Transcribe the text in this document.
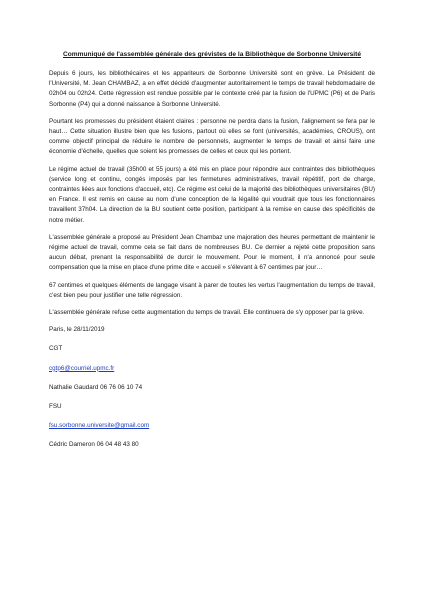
Communiqué de l'assemblée générale des grévistes de la Bibliothèque de Sorbonne Université

Depuis 6 jours, les bibliothécaires et les appariteurs de Sorbonne Université sont en grève. Le Président de l'Université, M. Jean CHAMBAZ, a en effet décidé d'augmenter autoritairement le temps de travail hebdomadaire de 02h04 ou 02h24. Cette régression est rendue possible par le contexte créé par la fusion de l'UPMC (P6) et de Paris Sorbonne (P4) qui a donné naissance à Sorbonne Université.

Pourtant les promesses du président étaient claires : personne ne perdra dans la fusion, l'alignement se fera par le haut… Cette situation illustre bien que les fusions, partout où elles se font (universités, académies, CROUS), ont comme objectif principal de réduire le nombre de personnels, augmenter le temps de travail et ainsi faire une économie d'échelle, quelles que soient les promesses de celles et ceux qui les portent.

Le régime actuel de travail (35h00 et 55 jours) a été mis en place pour répondre aux contraintes des bibliothèques (service long et continu, congés imposés par les fermetures administratives, travail répétitif, port de charge, contraintes liées aux fonctions d'accueil, etc). Ce régime est celui de la majorité des bibliothèques universitaires (BU) en France. Il est remis en cause au nom d'une conception de la légalité qui voudrait que tous les fonctionnaires travaillent 37h04. La direction de la BU soutient cette position, participant à la remise en cause des spécificités de notre métier.

L'assemblée générale a proposé au Président Jean Chambaz une majoration des heures permettant de maintenir le régime actuel de travail, comme cela se fait dans de nombreuses BU. Ce dernier a rejeté cette proposition sans aucun débat, prenant la responsabilité de durcir le mouvement. Pour le moment, il n'a annoncé pour seule compensation que la mise en place d'une prime dite « accueil » s'élevant à 67 centimes par jour…

67 centimes et quelques éléments de langage visant à parer de toutes les vertus l'augmentation du temps de travail, c'est bien peu pour justifier une telle régression.

L'assemblée générale refuse cette augmentation du temps de travail. Elle continuera de s'y opposer par la grève.

Paris, le 28/11/2019

CGT

cgtp6@courriel.upmc.fr

Nathalie Gaudard 06 76 06 10 74

FSU

fsu.sorbonne.universite@gmail.com

Cédric Dameron 06 04 48 43 80
